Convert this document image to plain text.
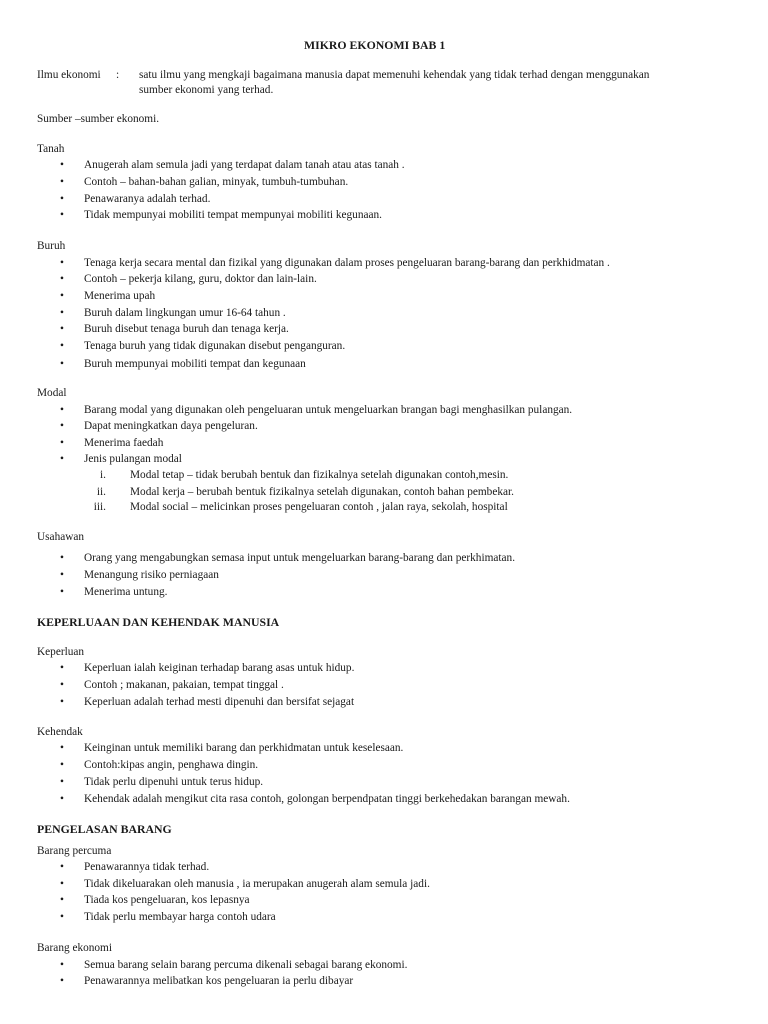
MIKRO EKONOMI BAB 1
Ilmu ekonomi : satu ilmu yang mengkaji bagaimana manusia dapat memenuhi kehendak yang tidak terhad dengan menggunakan
sumber ekonomi yang terhad.
Sumber –sumber ekonomi.
Tanah
• Anugerah alam semula jadi yang terdapat dalam tanah atau atas tanah .
• Contoh – bahan-bahan galian, minyak, tumbuh-tumbuhan.
• Penawaranya adalah terhad.
• Tidak mempunyai mobiliti tempat mempunyai mobiliti kegunaan.
Buruh
• Tenaga kerja secara mental dan fizikal yang digunakan dalam proses pengeluaran barang-barang dan perkhidmatan .
• Contoh – pekerja kilang, guru, doktor dan lain-lain.
• Menerima upah
• Buruh dalam lingkungan umur 16-64 tahun .
• Buruh disebut tenaga buruh dan tenaga kerja.
• Tenaga buruh yang tidak digunakan disebut penganguran.
• Buruh mempunyai mobiliti tempat dan kegunaan
Modal
• Barang modal yang digunakan oleh pengeluaran untuk mengeluarkan brangan bagi menghasilkan pulangan.
• Dapat meningkatkan daya pengeluran.
• Menerima faedah
• Jenis pulangan modal
i. Modal tetap – tidak berubah bentuk dan fizikalnya setelah digunakan contoh,mesin.
ii. Modal kerja – berubah bentuk fizikalnya setelah digunakan, contoh bahan pembekar.
iii. Modal social – melicinkan proses pengeluaran contoh , jalan raya, sekolah, hospital
Usahawan
• Orang yang mengabungkan semasa input untuk mengeluarkan barang-barang dan perkhimatan.
• Menangung risiko perniagaan
• Menerima untung.
KEPERLUAAN DAN KEHENDAK MANUSIA
Keperluan
• Keperluan ialah keiginan terhadap barang asas untuk hidup.
• Contoh ; makanan, pakaian, tempat tinggal .
• Keperluan adalah terhad mesti dipenuhi dan bersifat sejagat
Kehendak
• Keinginan untuk memiliki barang dan perkhidmatan untuk keselesaan.
• Contoh:kipas angin, penghawa dingin.
• Tidak perlu dipenuhi untuk terus hidup.
• Kehendak adalah mengikut cita rasa contoh, golongan berpendpatan tinggi berkehedakan barangan mewah.
PENGELASAN BARANG
Barang percuma
• Penawarannya tidak terhad.
• Tidak dikeluarakan oleh manusia , ia merupakan anugerah alam semula jadi.
• Tiada kos pengeluaran, kos lepasnya
• Tidak perlu membayar harga contoh udara
Barang ekonomi
• Semua barang selain barang percuma dikenali sebagai barang ekonomi.
• Penawarannya melibatkan kos pengeluaran ia perlu dibayar
